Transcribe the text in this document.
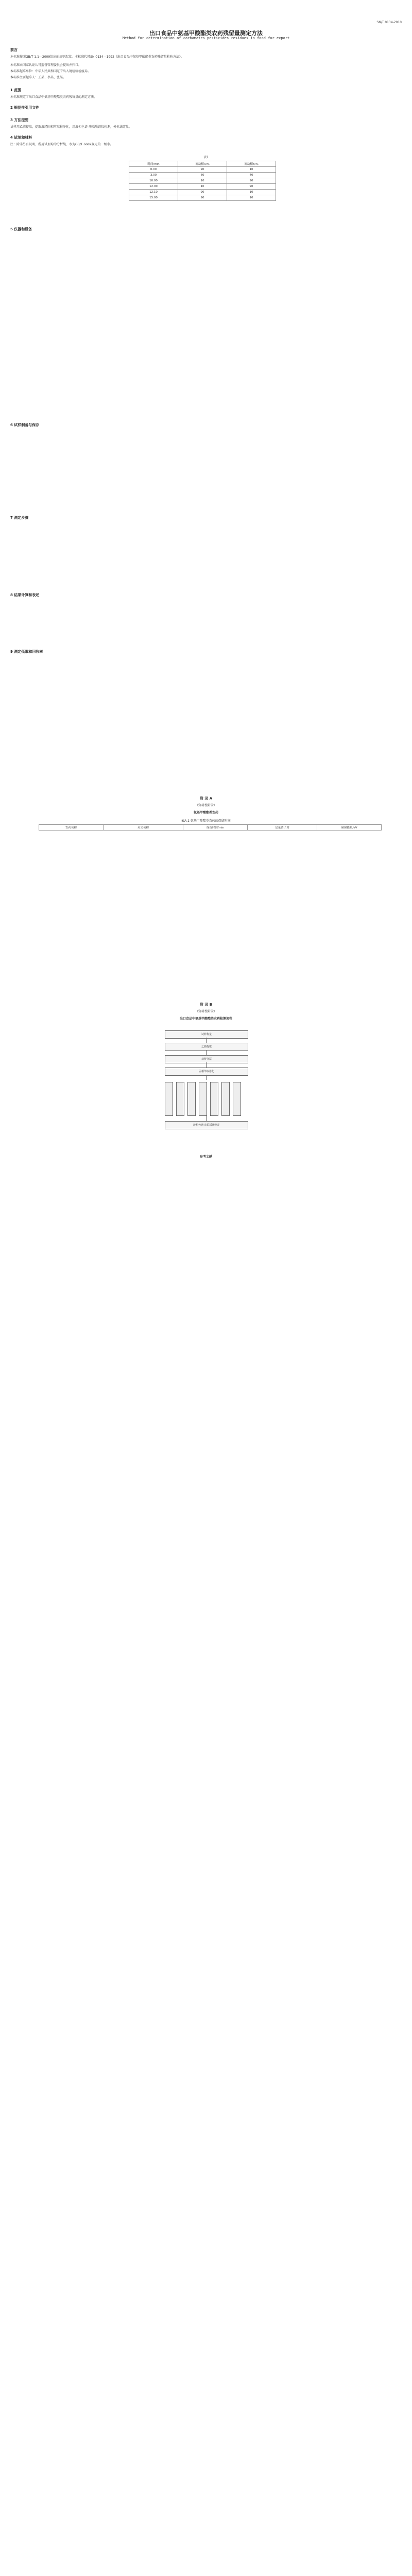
SN/T 0134-2010
出口食品中氨基甲酸酯类农药残留量测定方法
Method for determination of carbamates pesticides residues in food for export
前言
本标准按照GB/T 1.1—2009给出的规则起草。本标准代替SN 0134—1992《出口食品中氨基甲酸酯类农药残留量检验方法》。
本标准由国家认证认可监督管理委员会提出并归口。
本标准起草单位：中华人民共和国辽宁出入境检验检疫局。
本标准主要起草人：王某、李某、张某。
1 范围
本标准规定了出口食品中氨基甲酸酯类农药残留量的测定方法。
2 规范性引用文件
3 方法提要
试样用乙腈提取，提取液经固相萃取柱净化，用液相色谱-串联质谱仪检测，外标法定量。
4 试剂和材料
注：除非另有说明，所用试剂均为分析纯，水为GB/T 6682规定的一级水。
表1
时间/min	流动相A/%	流动相B/%
0.00	90	10
3.00	60	40
10.00	10	90
12.00	10	90
12.10	90	10
15.00	90	10
5 仪器和设备
6 试样制备与保存
7 测定步骤
8 结果计算和表述
9 测定低限和回收率
附 录 A
（资料性附录）
氨基甲酸酯类农药
表A.1 氨基甲酸酯类农药的保留时间
农药名称	英文名称	保留时间/min	定量离子对	碰撞能量/eV
附 录 B
（资料性附录）
出口食品中氨基甲酸酯类农药检测流程
试样称量
乙腈提取
盐析分层
固相萃取净化
液相色谱-串联质谱测定
参考文献
